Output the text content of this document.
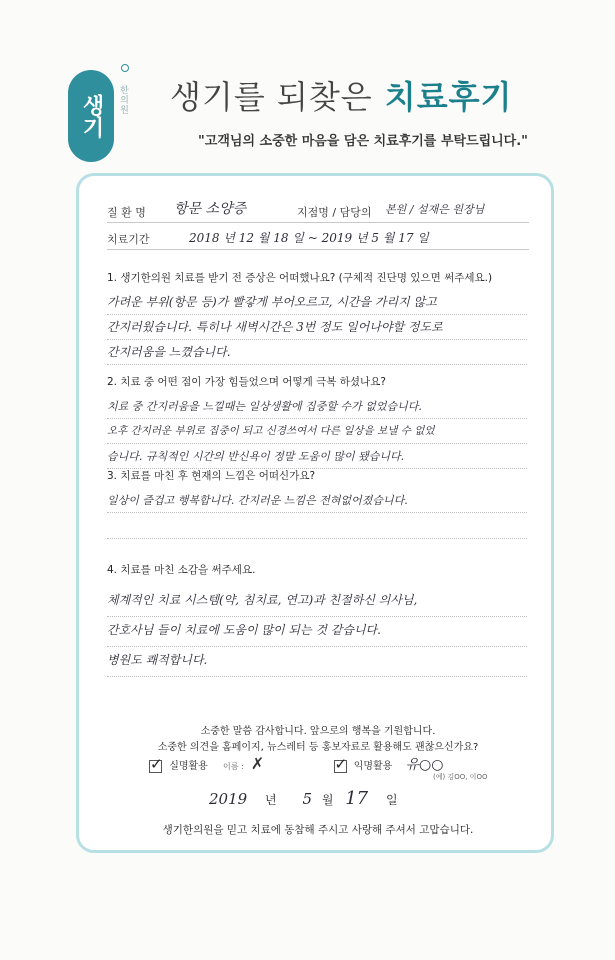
생기 한의원 생기를 되찾은 치료후기
"고객님의 소중한 마음을 담은 치료후기를 부탁드립니다."
질 환 명 항문 소양증	지점명 / 담당의 본원 / 설재은 원장님
치료기간	2018 년 12 월 18 일 ~ 2019 년 5 월 17 일
1. 생기한의원 치료를 받기 전 증상은 어떠했나요? (구체적 진단명 있으면 써주세요.)
가려운 부위(항문 등)가 빨갛게 부어오르고, 시간을 가리지 않고
간지러웠습니다. 특히나 새벽시간은 3번 정도 일어나야할 정도로
간지러움을 느꼈습니다.
2. 치료 중 어떤 점이 가장 힘들었으며 어떻게 극복 하셨나요?
치료 중 간지러움을 느낄때는 일상생활에 집중할 수가 없었습니다.
오후 간지러운 부위로 집중이 되고 신경쓰여서 다른 일상을 보낼 수 없었
습니다. 규칙적인 시간의 반신욕이 정말 도움이 많이 됐습니다.
3. 치료를 마친 후 현재의 느낌은 어떠신가요?
일상이 즐겁고 행복합니다. 간지러운 느낌은 전혀없어졌습니다.
4. 치료를 마친 소감을 써주세요.
체계적인 치료 시스템(약, 침치료, 연고)과 친절하신 의사님,
간호사님 들이 치료에 도움이 많이 되는 것 같습니다.
병원도 쾌적합니다.
소중한 말씀 감사합니다. 앞으로의 행복을 기원합니다.
소중한 의견을 홈페이지, 뉴스레터 등 홍보자료로 활용해도 괜찮으신가요?
✓ 실명활용 이름 : ✗	✓ 익명활용 유○○
(예) 김OO, 이OO
2019 년 5 월 17 일
생기한의원을 믿고 치료에 동참해 주시고 사랑해 주셔서 고맙습니다.
